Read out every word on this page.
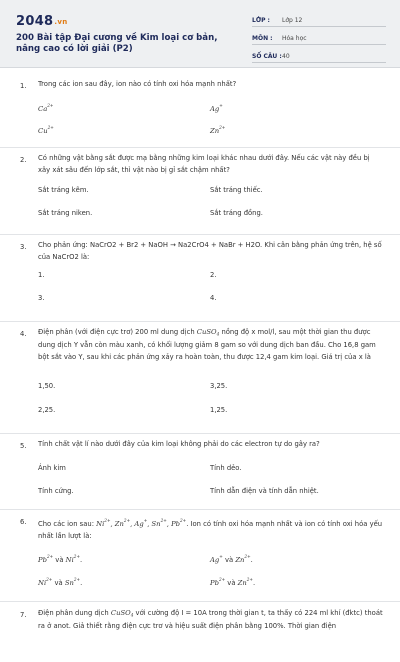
2048.vn
200 Bài tập Đại cương về Kim loại cơ bản, nâng cao có lời giải (P2)
LỚP :	Lớp 12
MÔN :	Hóa học
SỐ CÂU : 40
1. Trong các ion sau đây, ion nào có tính oxi hóa mạnh nhất?
$Ca^{2+}$	Ag+
$Cu^{2+}$	$Zn^{2+}$
2. Có những vật bằng sắt được mạ bằng những kim loại khác nhau dưới đây. Nếu các vật này đều bị xây xát sâu đến lớp sắt, thì vật nào bị gỉ sắt chậm nhất?
Sắt tráng kẽm.	Sắt tráng thiếc.
Sắt tráng niken.	Sắt tráng đồng.
3. Cho phản ứng: NaCrO2 + Br2 + NaOH → Na2CrO4 + NaBr + H2O. Khi cân bằng phản ứng trên, hệ số của NaCrO2 là:
1.	2.
3.	4.
4. Điện phân (với điện cực trơ) 200 ml dung dịch CuSO$_4$ nồng độ x mol/l, sau một thời gian thu được dung dịch Y vẫn còn màu xanh, có khối lượng giảm 8 gam so với dung dịch ban đầu. Cho 16,8 gam bột sắt vào Y, sau khi các phản ứng xảy ra hoàn toàn, thu được 12,4 gam kim loại. Giá trị của x là
1,50.	3,25.
2,25.	1,25.
5. Tính chất vật lí nào dưới đây của kim loại không phải do các electron tự do gây ra?
Ánh kim	Tính dẻo.
Tính cứng.	Tính dẫn điện và tính dẫn nhiệt.
6. Cho các ion sau: $Ni^{2+}$, $Zn^{2+}$, Ag+, $Sn^{2+}$, $Pb^{2+}$. Ion có tính oxi hóa mạnh nhất và ion có tính oxi hóa yếu nhất lần lượt là:
$Pb^{2+}$ và $Ni^{2+}$.	Ag+ và $Zn^{2+}$.
$Ni^{2+}$ và $Sn^{2+}$.	$Pb^{2+}$ và $Zn^{2+}$.
7. Điện phân dung dịch CuSO$_4$ với cường độ I = 10A trong thời gian t, ta thấy có 224 ml khí (đktc) thoát ra ở anot. Giả thiết rằng điện cực trơ và hiệu suất điện phân bằng 100%. Thời gian điện
